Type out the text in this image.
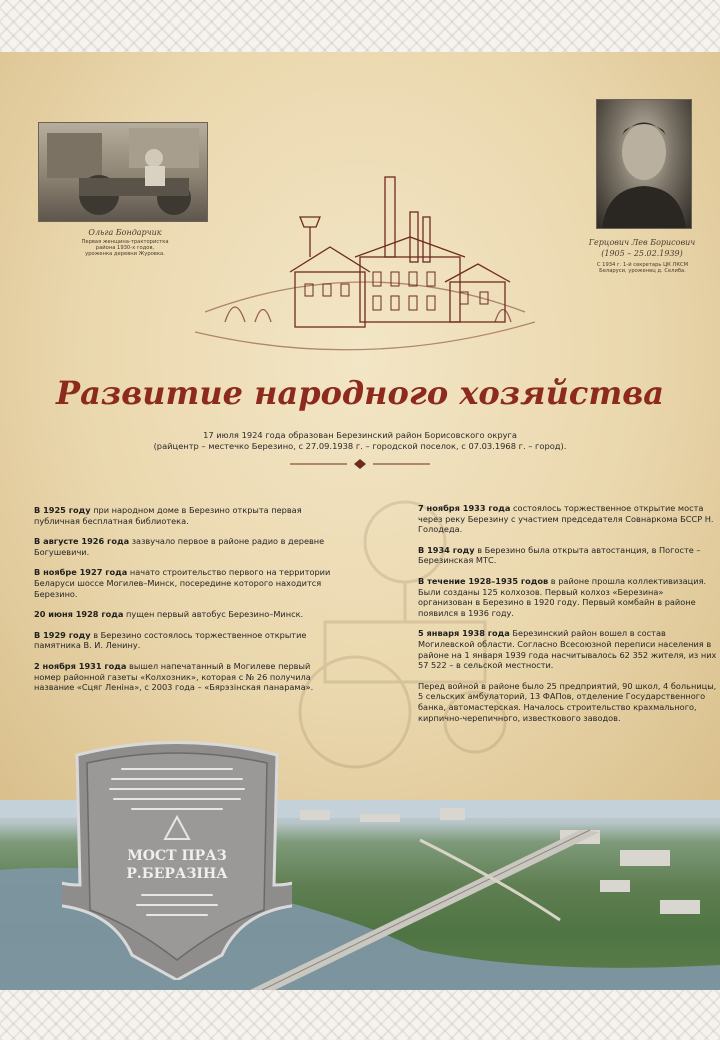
Ольга Бондарчик
Первая женщина-трактористка
района 1930-х годов,
уроженка деревни Журовка.
Герцович Лев Борисович
(1905 – 25.02.1939)
С 1934 г. 1-й секретарь ЦК ЛКСМ
Беларуси, уроженец д. Селиба.
Развитие народного хозяйства
17 июля 1924 года образован Березинский район Борисовского округа
(райцентр – местечко Березино, с 27.09.1938 г. – городской поселок, с 07.03.1968 г. – город).

В 1925 году при народном доме в Березино открыта первая публичная бесплатная библиотека.

В августе 1926 года зазвучало первое в районе радио в деревне Богушевичи.

В ноябре 1927 года начато строительство первого на территории Беларуси шоссе Могилев–Минск, посередине которого находится Березино.

20 июня 1928 года пущен первый автобус Березино–Минск.

В 1929 году в Березино состоялось торжественное открытие памятника В. И. Ленину.

2 ноября 1931 года вышел напечатанный в Могилеве первый номер районной газеты «Колхозник», которая с № 26 получила название «Сцяг Леніна», с 2003 года – «Бярэзінская панарама».

7 ноября 1933 года состоялось торжественное открытие моста через реку Березину с участием председателя Совнаркома БССР Н. Голодеда.

В 1934 году в Березино была открыта автостанция, в Погосте – Березинская МТС.

В течение 1928–1935 годов в районе прошла коллективизация. Были созданы 125 колхозов. Первый колхоз «Березина» организован в Березино в 1920 году. Первый комбайн в районе появился в 1936 году.

5 января 1938 года Березинский район вошел в состав Могилевской области. Согласно Всесоюзной переписи населения в районе на 1 января 1939 года насчитывалось 62 352 жителя, из них 57 522 – в сельской местности.

Перед войной в районе было 25 предприятий, 90 школ, 4 больницы, 5 сельских амбулаторий, 13 ФАПов, отделение Государственного банка, автомастерская. Началось строительство крахмального, кирпично-черепичного, известкового заводов.

МОСТ ПРАЗ
Р.БЕРАЗІНА
